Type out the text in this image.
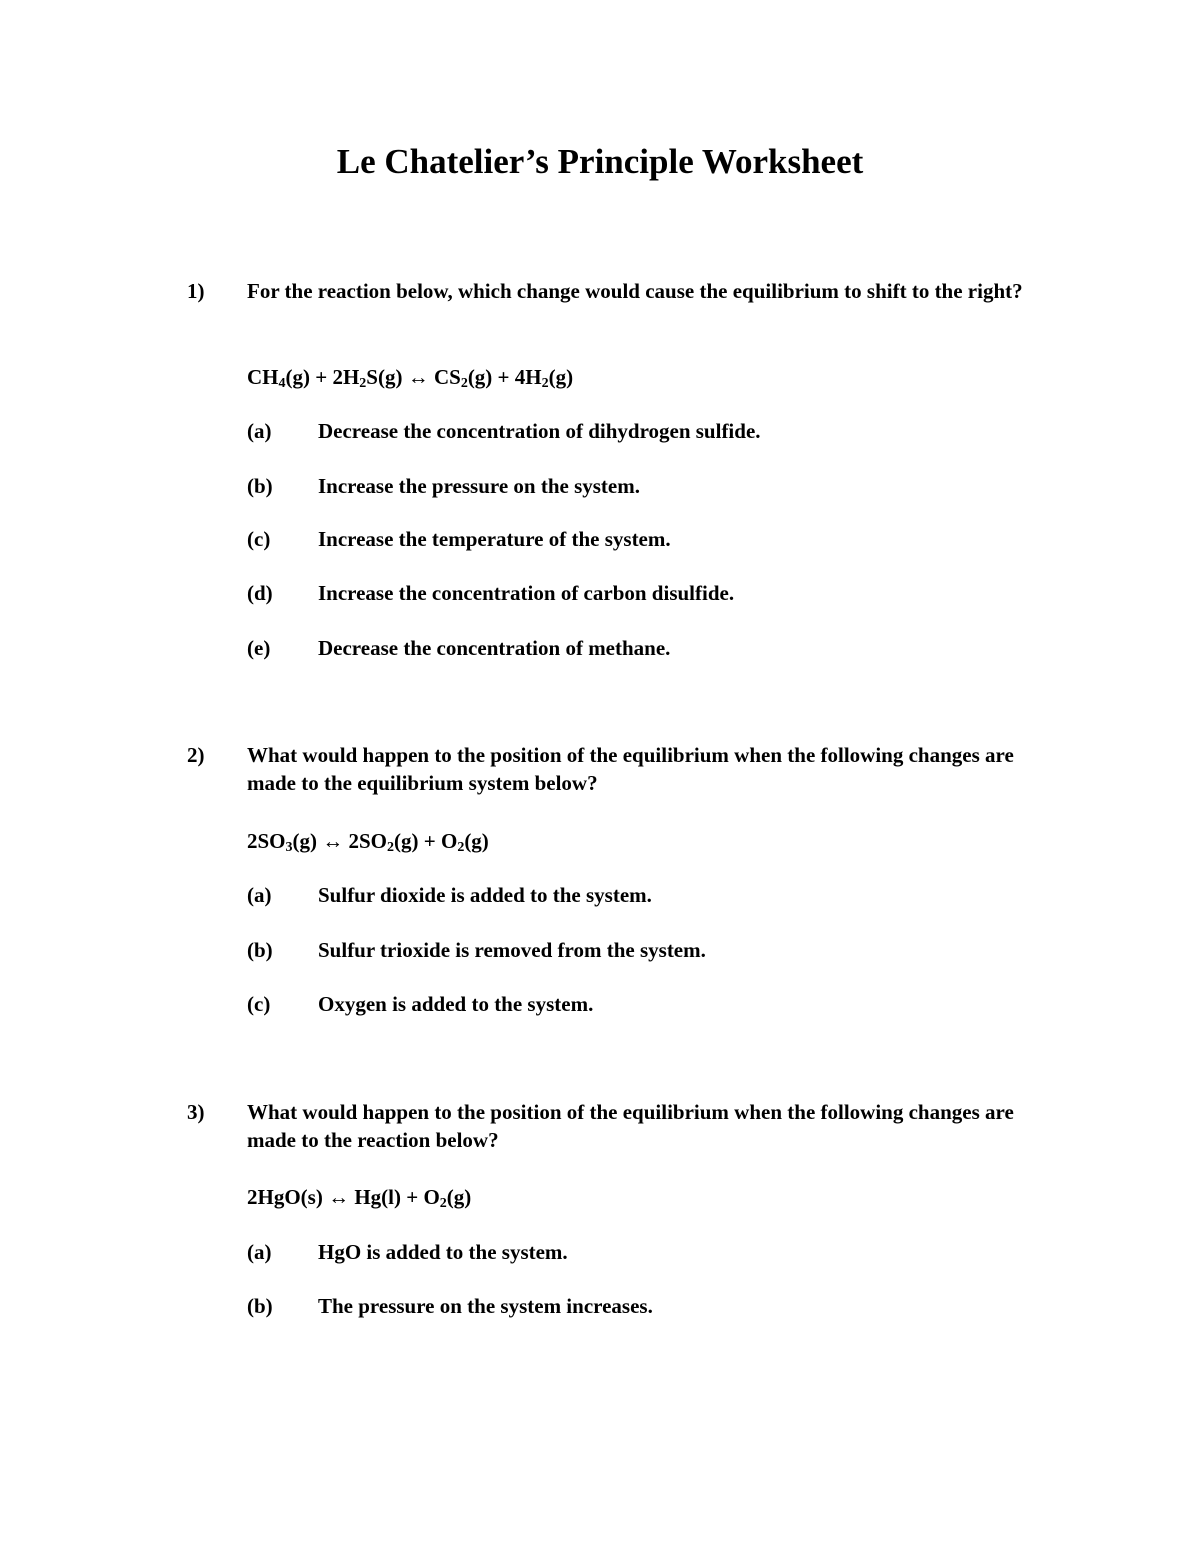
Le Chatelier’s Principle Worksheet
1) For the reaction below, which change would cause the equilibrium to shift to the right?
$CH_4(g) + 2H_2S(g)$ ↔ $CS_2(g) + 4H_2(g)$
(a) Decrease the concentration of dihydrogen sulfide.
(b) Increase the pressure on the system.
(c) Increase the temperature of the system.
(d) Increase the concentration of carbon disulfide.
(e) Decrease the concentration of methane.
2) What would happen to the position of the equilibrium when the following changes are made to the equilibrium system below?
$2SO_3(g)$ ↔ $2SO_2(g) + O_2(g)$
(a) Sulfur dioxide is added to the system.
(b) Sulfur trioxide is removed from the system.
(c) Oxygen is added to the system.
3) What would happen to the position of the equilibrium when the following changes are made to the reaction below?
2HgO(s) ↔ $Hg(l) + O_2(g)$
(a) HgO is added to the system.
(b) The pressure on the system increases.
